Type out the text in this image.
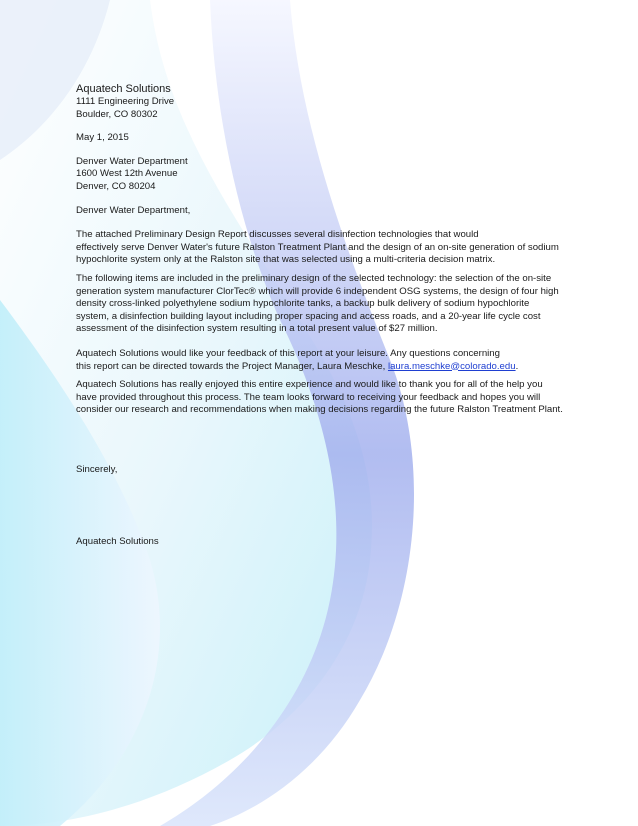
Aquatech Solutions
1111 Engineering Drive
Boulder, CO 80302
May 1, 2015
Denver Water Department
1600 West 12th Avenue
Denver, CO 80204
Denver Water Department,
The attached Preliminary Design Report discusses several disinfection technologies that would
effectively serve Denver Water's future Ralston Treatment Plant and the design of an on-site generation of sodium
hypochlorite system only at the Ralston site that was selected using a multi-criteria decision matrix.
The following items are included in the preliminary design of the selected technology: the selection of the on-site
generation system manufacturer ClorTec® which will provide 6 independent OSG systems, the design of four high
density cross-linked polyethylene sodium hypochlorite tanks, a backup bulk delivery of sodium hypochlorite
system, a disinfection building layout including proper spacing and access roads, and a 20-year life cycle cost
assessment of the disinfection system resulting in a total present value of $27 million.
Aquatech Solutions would like your feedback of this report at your leisure. Any questions concerning
this report can be directed towards the Project Manager, Laura Meschke, laura.meschke@colorado.edu.
Aquatech Solutions has really enjoyed this entire experience and would like to thank you for all of the help you
have provided throughout this process. The team looks forward to receiving your feedback and hopes you will
consider our research and recommendations when making decisions regarding the future Ralston Treatment Plant.
Sincerely,
Aquatech Solutions
